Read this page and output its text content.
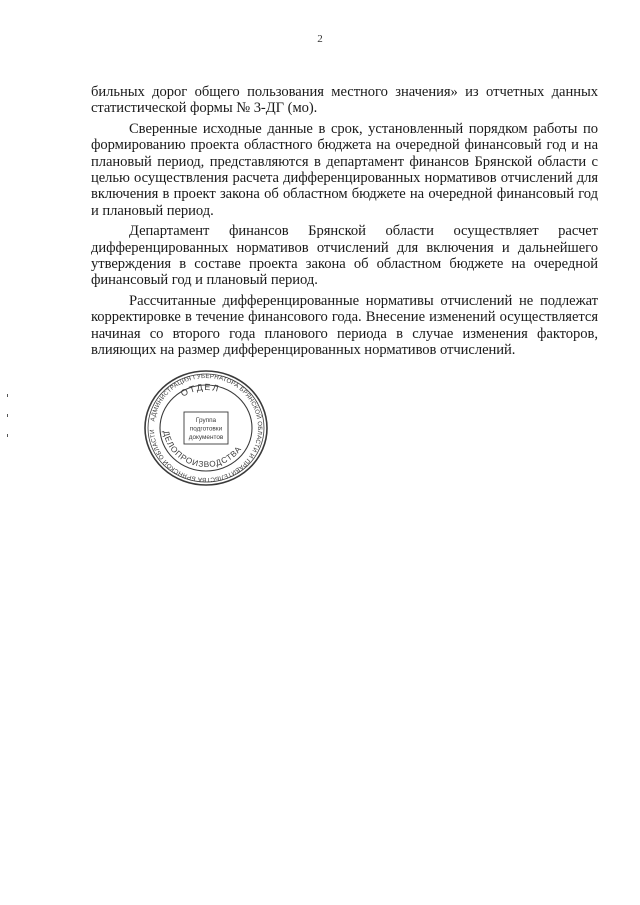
2

бильных дорог общего пользования местного значения» из отчетных данных статистической формы № 3-ДГ (мо).

Сверенные исходные данные в срок, установленный порядком работы по формированию проекта областного бюджета на очередной финансовый год и на плановый период, представляются в департамент финансов Брянской области с целью осуществления расчета дифференцированных нормативов отчислений для включения в проект закона об областном бюджете на очередной финансовый год и плановый период.

Департамент финансов Брянской области осуществляет расчет дифференцированных нормативов отчислений для включения и дальнейшего утверждения в составе проекта закона об областном бюджете на очередной финансовый год и плановый период.

Рассчитанные дифференцированные нормативы отчислений не подлежат корректировке в течение финансового года. Внесение изменений осуществляется начиная со второго года планового периода в случае изменения факторов, влияющих на размер дифференцированных нормативов отчислений.

АДМИНИСТРАЦИЯ ГУБЕРНАТОРА БРЯНСКОЙ ОБЛАСТИ И ПРАВИТЕЛЬСТВА БРЯНСКОЙ ОБЛАСТИ
ОТДЕЛ
ДЕЛОПРОИЗВОДСТВА
Группа
подготовки
документов
